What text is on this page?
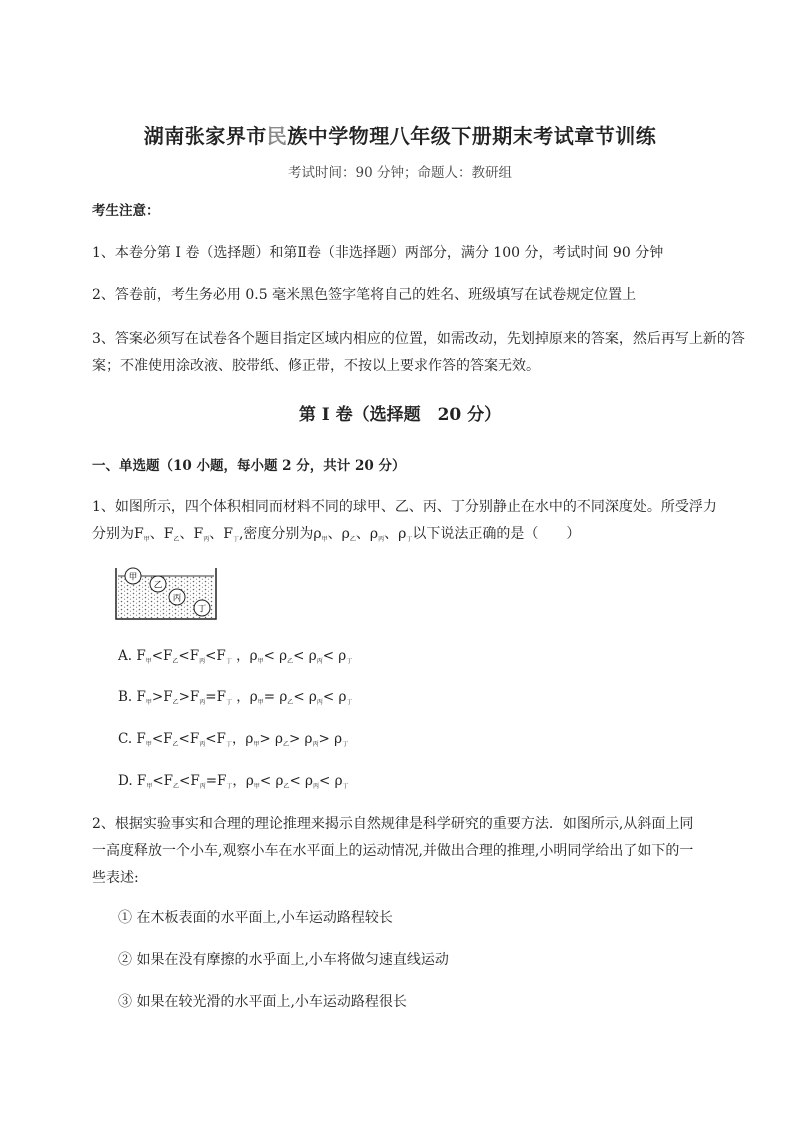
湖南张家界市民族中学物理八年级下册期末考试章节训练
考试时间：90 分钟；命题人：教研组
考生注意：
1、本卷分第 I 卷（选择题）和第Ⅱ卷（非选择题）两部分，满分 100 分，考试时间 90 分钟
2、答卷前，考生务必用 0.5 毫米黑色签字笔将自己的姓名、班级填写在试卷规定位置上
3、答案必须写在试卷各个题目指定区域内相应的位置，如需改动，先划掉原来的答案，然后再写上新的答案；不准使用涂改液、胶带纸、修正带，不按以上要求作答的答案无效。
第 I 卷（选择题　20 分）
一、单选题（10 小题，每小题 2 分，共计 20 分）
1、如图所示，四个体积相同而材料不同的球甲、乙、丙、丁分别静止在水中的不同深度处。所受浮力
分别为$F_甲$、$F_乙$、$F_丙$、$F_丁$,密度分别为$\rho_甲$、$\rho_乙$、$\rho_丙$、$\rho_丁$以下说法正确的是（　　）
甲
乙
丙
丁
A. $F_甲<F_乙<F_丙<F_丁$ ，$\rho_甲< \rho_乙< \rho_丙< \rho_丁$
B. $F_甲>F_乙>F_丙=F_丁$ ，$\rho_甲= \rho_乙< \rho_丙< \rho_丁$
C. $F_甲<F_乙<F_丙<F_丁$，$\rho_甲> \rho_乙> \rho_丙> \rho_丁$
D. $F_甲<F_乙<F_丙=F_丁$，$\rho_甲< \rho_乙< \rho_丙< \rho_丁$
2、根据实验事实和合理的理论推理来揭示自然规律是科学研究的重要方法．如图所示,从斜面上同
一高度释放一个小车,观察小车在水平面上的运动情况,并做出合理的推理,小明同学给出了如下的一
些表述:
① 在木板表面的水平面上,小车运动路程较长
② 如果在没有摩擦的水乎面上,小车将做匀速直线运动
③ 如果在较光滑的水平面上,小车运动路程很长
